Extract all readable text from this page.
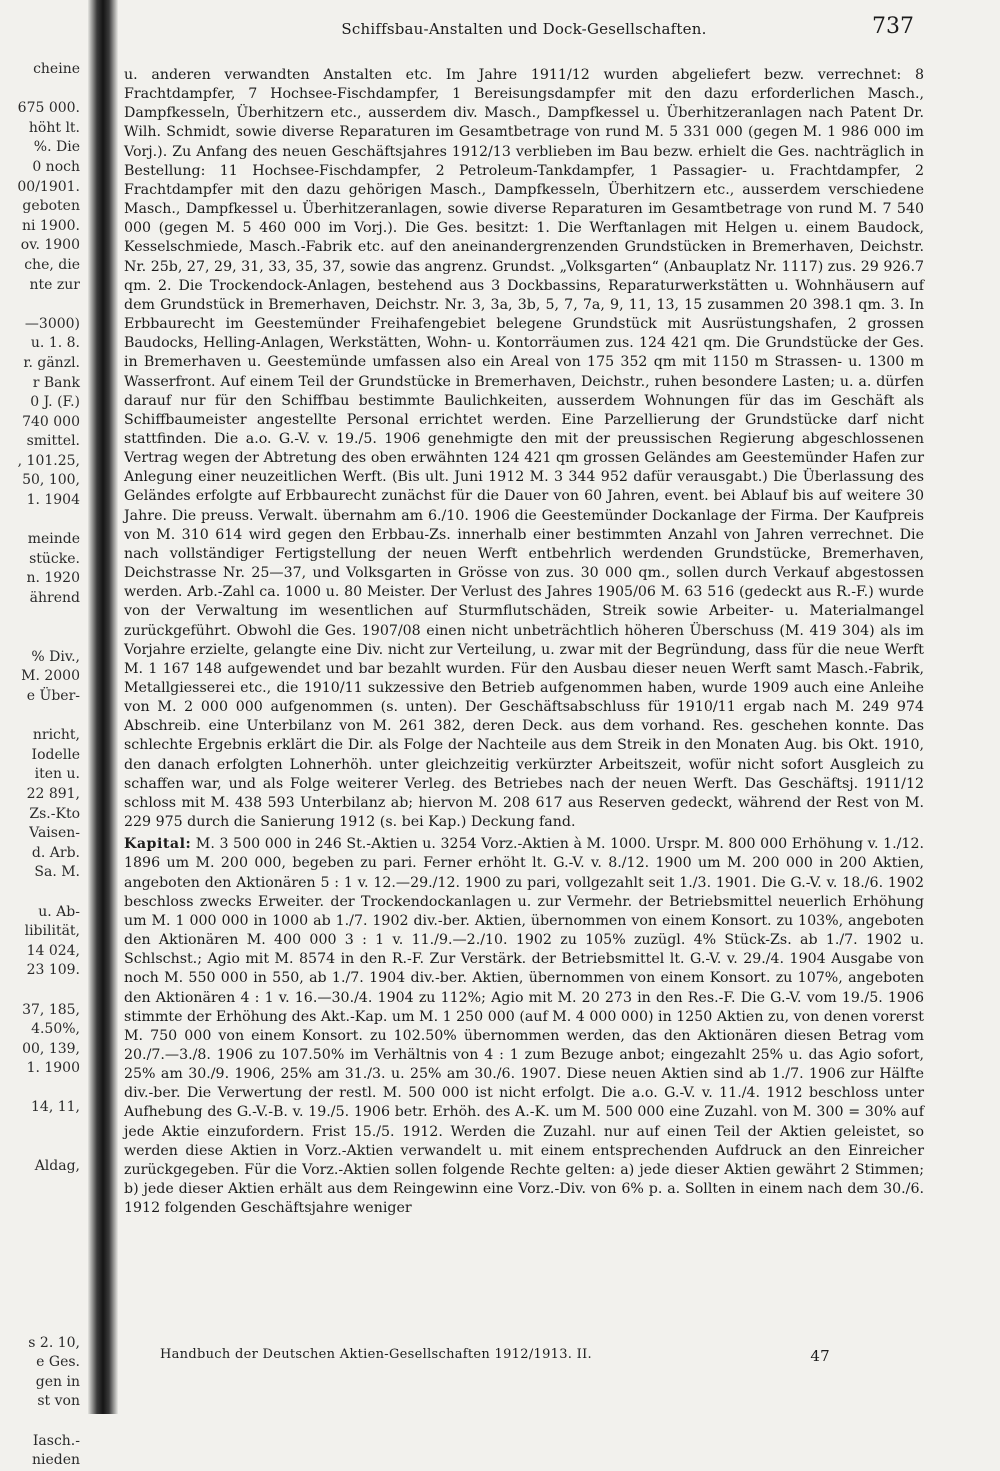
cheine
675 000.
höht lt.
%. Die
0 noch
00/1901.
geboten
ni 1900.
ov. 1900
che, die
nte zur
—3000)
u. 1. 8.
r. gänzl.
r Bank
0 J. (F.)
740 000
smittel.
, 101.25,
50, 100,
1. 1904
meinde
stücke.
n. 1920
ährend
% Div.,
M. 2000
e Über-
nricht,
Iodelle
iten u.
22 891,
Zs.-Kto
Vaisen-
d. Arb.
Sa. M.
u. Ab-
libilität,
14 024,
23 109.
37, 185,
4.50%,
00, 139,
1. 1900
14, 11,
Aldag,
s 2. 10,
e Ges.
gen in
st von
Iasch.-
nieden
Schiffsbau-Anstalten und Dock-Gesellschaften.	737

u. anderen verwandten Anstalten etc. Im Jahre 1911/12 wurden abgeliefert bezw. verrechnet: 8 Frachtdampfer, 7 Hochsee-Fischdampfer, 1 Bereisungsdampfer mit den dazu erforderlichen Masch., Dampfkesseln, Überhitzern etc., ausserdem div. Masch., Dampfkessel u. Überhitzeranlagen nach Patent Dr. Wilh. Schmidt, sowie diverse Reparaturen im Gesamtbetrage von rund M. 5 331 000 (gegen M. 1 986 000 im Vorj.). Zu Anfang des neuen Geschäftsjahres 1912/13 verblieben im Bau bezw. erhielt die Ges. nachträglich in Bestellung: 11 Hochsee-Fischdampfer, 2 Petroleum-Tankdampfer, 1 Passagier- u. Frachtdampfer, 2 Frachtdampfer mit den dazu gehörigen Masch., Dampfkesseln, Überhitzern etc., ausserdem verschiedene Masch., Dampfkessel u. Überhitzeranlagen, sowie diverse Reparaturen im Gesamtbetrage von rund M. 7 540 000 (gegen M. 5 460 000 im Vorj.). Die Ges. besitzt: 1. Die Werftanlagen mit Helgen u. einem Baudock, Kesselschmiede, Masch.-Fabrik etc. auf den aneinandergrenzenden Grundstücken in Bremerhaven, Deichstr. Nr. 25b, 27, 29, 31, 33, 35, 37, sowie das angrenz. Grundst. „Volksgarten“ (Anbauplatz Nr. 1117) zus. 29 926.7 qm. 2. Die Trockendock-Anlagen, bestehend aus 3 Dockbassins, Reparaturwerkstätten u. Wohnhäusern auf dem Grundstück in Bremerhaven, Deichstr. Nr. 3, 3a, 3b, 5, 7, 7a, 9, 11, 13, 15 zusammen 20 398.1 qm. 3. In Erbbaurecht im Geestemünder Freihafengebiet belegene Grundstück mit Ausrüstungshafen, 2 grossen Baudocks, Helling-Anlagen, Werkstätten, Wohn- u. Kontorräumen zus. 124 421 qm. Die Grundstücke der Ges. in Bremerhaven u. Geestemünde umfassen also ein Areal von 175 352 qm mit 1150 m Strassen- u. 1300 m Wasserfront. Auf einem Teil der Grundstücke in Bremerhaven, Deichstr., ruhen besondere Lasten; u. a. dürfen darauf nur für den Schiffbau bestimmte Baulichkeiten, ausserdem Wohnungen für das im Geschäft als Schiffbaumeister angestellte Personal errichtet werden. Eine Parzellierung der Grundstücke darf nicht stattfinden. Die a.o. G.-V. v. 19./5. 1906 genehmigte den mit der preussischen Regierung abgeschlossenen Vertrag wegen der Abtretung des oben erwähnten 124 421 qm grossen Geländes am Geestemünder Hafen zur Anlegung einer neuzeitlichen Werft. (Bis ult. Juni 1912 M. 3 344 952 dafür verausgabt.) Die Überlassung des Geländes erfolgte auf Erbbaurecht zunächst für die Dauer von 60 Jahren, event. bei Ablauf bis auf weitere 30 Jahre. Die preuss. Verwalt. übernahm am 6./10. 1906 die Geestemünder Dockanlage der Firma. Der Kaufpreis von M. 310 614 wird gegen den Erbbau-Zs. innerhalb einer bestimmten Anzahl von Jahren verrechnet. Die nach vollständiger Fertigstellung der neuen Werft entbehrlich werdenden Grundstücke, Bremerhaven, Deichstrasse Nr. 25—37, und Volksgarten in Grösse von zus. 30 000 qm., sollen durch Verkauf abgestossen werden. Arb.-Zahl ca. 1000 u. 80 Meister. Der Verlust des Jahres 1905/06 M. 63 516 (gedeckt aus R.-F.) wurde von der Verwaltung im wesentlichen auf Sturmflutschäden, Streik sowie Arbeiter- u. Materialmangel zurückgeführt. Obwohl die Ges. 1907/08 einen nicht unbeträchtlich höheren Überschuss (M. 419 304) als im Vorjahre erzielte, gelangte eine Div. nicht zur Verteilung, u. zwar mit der Begründung, dass für die neue Werft M. 1 167 148 aufgewendet und bar bezahlt wurden. Für den Ausbau dieser neuen Werft samt Masch.-Fabrik, Metallgiesserei etc., die 1910/11 sukzessive den Betrieb aufgenommen haben, wurde 1909 auch eine Anleihe von M. 2 000 000 aufgenommen (s. unten). Der Geschäftsabschluss für 1910/11 ergab nach M. 249 974 Abschreib. eine Unterbilanz von M. 261 382, deren Deck. aus dem vorhand. Res. geschehen konnte. Das schlechte Ergebnis erklärt die Dir. als Folge der Nachteile aus dem Streik in den Monaten Aug. bis Okt. 1910, den danach erfolgten Lohnerhöh. unter gleichzeitig verkürzter Arbeitszeit, wofür nicht sofort Ausgleich zu schaffen war, und als Folge weiterer Verleg. des Betriebes nach der neuen Werft. Das Geschäftsj. 1911/12 schloss mit M. 438 593 Unterbilanz ab; hiervon M. 208 617 aus Reserven gedeckt, während der Rest von M. 229 975 durch die Sanierung 1912 (s. bei Kap.) Deckung fand.

Kapital: M. 3 500 000 in 246 St.-Aktien u. 3254 Vorz.-Aktien à M. 1000. Urspr. M. 800 000 Erhöhung v. 1./12. 1896 um M. 200 000, begeben zu pari. Ferner erhöht lt. G.-V. v. 8./12. 1900 um M. 200 000 in 200 Aktien, angeboten den Aktionären 5 : 1 v. 12.—29./12. 1900 zu pari, vollgezahlt seit 1./3. 1901. Die G.-V. v. 18./6. 1902 beschloss zwecks Erweiter. der Trockendockanlagen u. zur Vermehr. der Betriebsmittel neuerlich Erhöhung um M. 1 000 000 in 1000 ab 1./7. 1902 div.-ber. Aktien, übernommen von einem Konsort. zu 103%, angeboten den Aktionären M. 400 000 3 : 1 v. 11./9.—2./10. 1902 zu 105% zuzügl. 4% Stück-Zs. ab 1./7. 1902 u. Schlschst.; Agio mit M. 8574 in den R.-F. Zur Verstärk. der Betriebsmittel lt. G.-V. v. 29./4. 1904 Ausgabe von noch M. 550 000 in 550, ab 1./7. 1904 div.-ber. Aktien, übernommen von einem Konsort. zu 107%, angeboten den Aktionären 4 : 1 v. 16.—30./4. 1904 zu 112%; Agio mit M. 20 273 in den Res.-F. Die G.-V. vom 19./5. 1906 stimmte der Erhöhung des Akt.-Kap. um M. 1 250 000 (auf M. 4 000 000) in 1250 Aktien zu, von denen vorerst M. 750 000 von einem Konsort. zu 102.50% übernommen werden, das den Aktionären diesen Betrag vom 20./7.—3./8. 1906 zu 107.50% im Verhältnis von 4 : 1 zum Bezuge anbot; eingezahlt 25% u. das Agio sofort, 25% am 30./9. 1906, 25% am 31./3. u. 25% am 30./6. 1907. Diese neuen Aktien sind ab 1./7. 1906 zur Hälfte div.-ber. Die Verwertung der restl. M. 500 000 ist nicht erfolgt. Die a.o. G.-V. v. 11./4. 1912 beschloss unter Aufhebung des G.-V.-B. v. 19./5. 1906 betr. Erhöh. des A.-K. um M. 500 000 eine Zuzahl. von M. 300 = 30% auf jede Aktie einzufordern. Frist 15./5. 1912. Werden die Zuzahl. nur auf einen Teil der Aktien geleistet, so werden diese Aktien in Vorz.-Aktien verwandelt u. mit einem entsprechenden Aufdruck an den Einreicher zurückgegeben. Für die Vorz.-Aktien sollen folgende Rechte gelten: a) jede dieser Aktien gewährt 2 Stimmen; b) jede dieser Aktien erhält aus dem Reingewinn eine Vorz.-Div. von 6% p. a. Sollten in einem nach dem 30./6. 1912 folgenden Geschäftsjahre weniger

Handbuch der Deutschen Aktien-Gesellschaften 1912/1913. II.	47
